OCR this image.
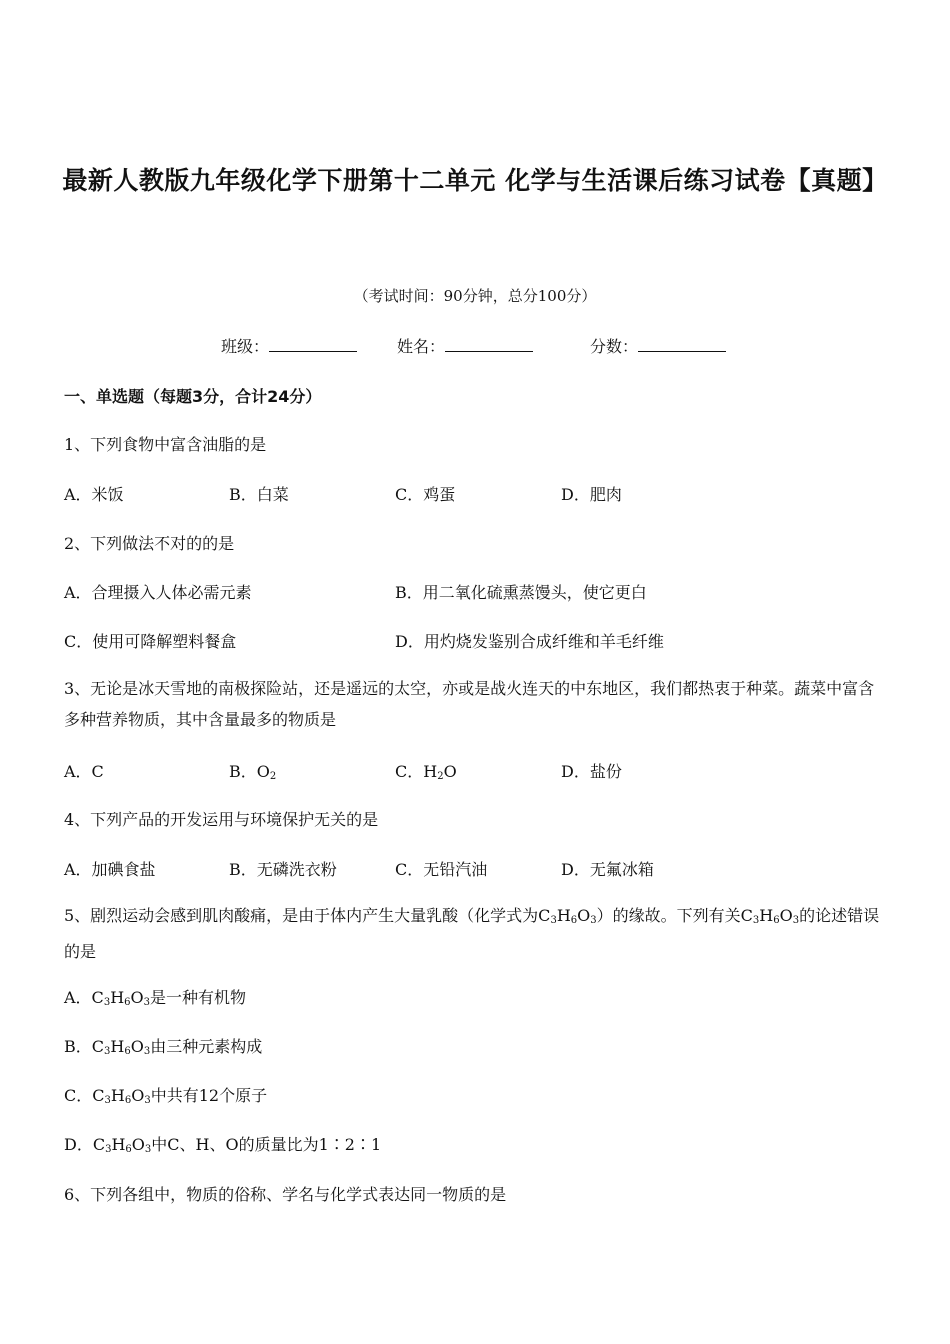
最新人教版九年级化学下册第十二单元 化学与生活课后练习试卷【真题】
（考试时间：90分钟，总分100分）
班级：	姓名：	分数：
一、单选题（每题3分，合计24分）
1、下列食物中富含油脂的是
A．米饭	B．白菜	C．鸡蛋	D．肥肉
2、下列做法不对的的是
A．合理摄入人体必需元素	B．用二氧化硫熏蒸馒头，使它更白
C．使用可降解塑料餐盒	D．用灼烧发鉴别合成纤维和羊毛纤维
3、无论是冰天雪地的南极探险站，还是遥远的太空，亦或是战火连天的中东地区，我们都热衷于种菜。蔬菜中富含多种营养物质，其中含量最多的物质是
A．C	B．$O_2$	C．$H_2O$	D．盐份
4、下列产品的开发运用与环境保护无关的是
A．加碘食盐	B．无磷洗衣粉	C．无铅汽油	D．无氟冰箱
5、剧烈运动会感到肌肉酸痛，是由于体内产生大量乳酸（化学式为$C_3H_6O_3$）的缘故。下列有关$C_3H_6O_3$的论述错误的是
A．$C_3H_6O_3$是一种有机物
B．$C_3H_6O_3$由三种元素构成
C．$C_3H_6O_3$中共有12个原子
D．$C_3H_6O_3$中C、H、O的质量比为1∶2∶1
6、下列各组中，物质的俗称、学名与化学式表达同一物质的是
